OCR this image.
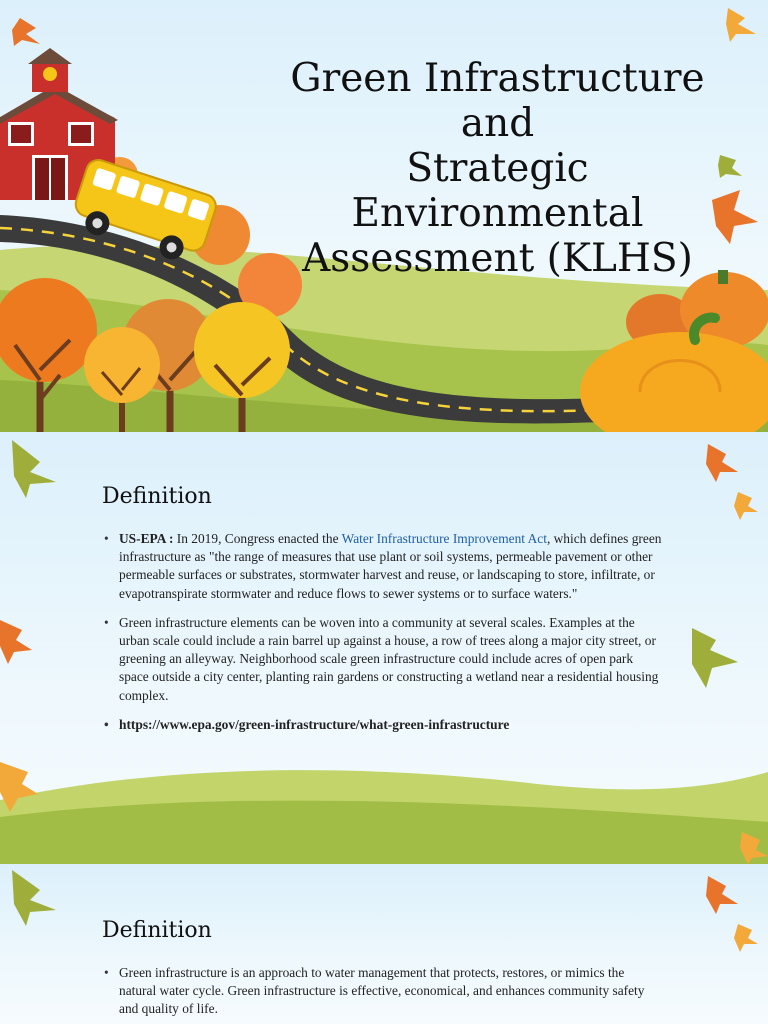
Green Infrastructure
and
Strategic
Environmental
Assessment (KLHS)
Definition
• US-EPA : In 2019, Congress enacted the Water Infrastructure Improvement Act, which defines green infrastructure as "the range of measures that use plant or soil systems, permeable pavement or other permeable surfaces or substrates, stormwater harvest and reuse, or landscaping to store, infiltrate, or evapotranspirate stormwater and reduce flows to sewer systems or to surface waters."
• Green infrastructure elements can be woven into a community at several scales. Examples at the urban scale could include a rain barrel up against a house, a row of trees along a major city street, or greening an alleyway. Neighborhood scale green infrastructure could include acres of open park space outside a city center, planting rain gardens or constructing a wetland near a residential housing complex.
• https://www.epa.gov/green-infrastructure/what-green-infrastructure
Definition
• Green infrastructure is an approach to water management that protects, restores, or mimics the natural water cycle. Green infrastructure is effective, economical, and enhances community safety and quality of life.
